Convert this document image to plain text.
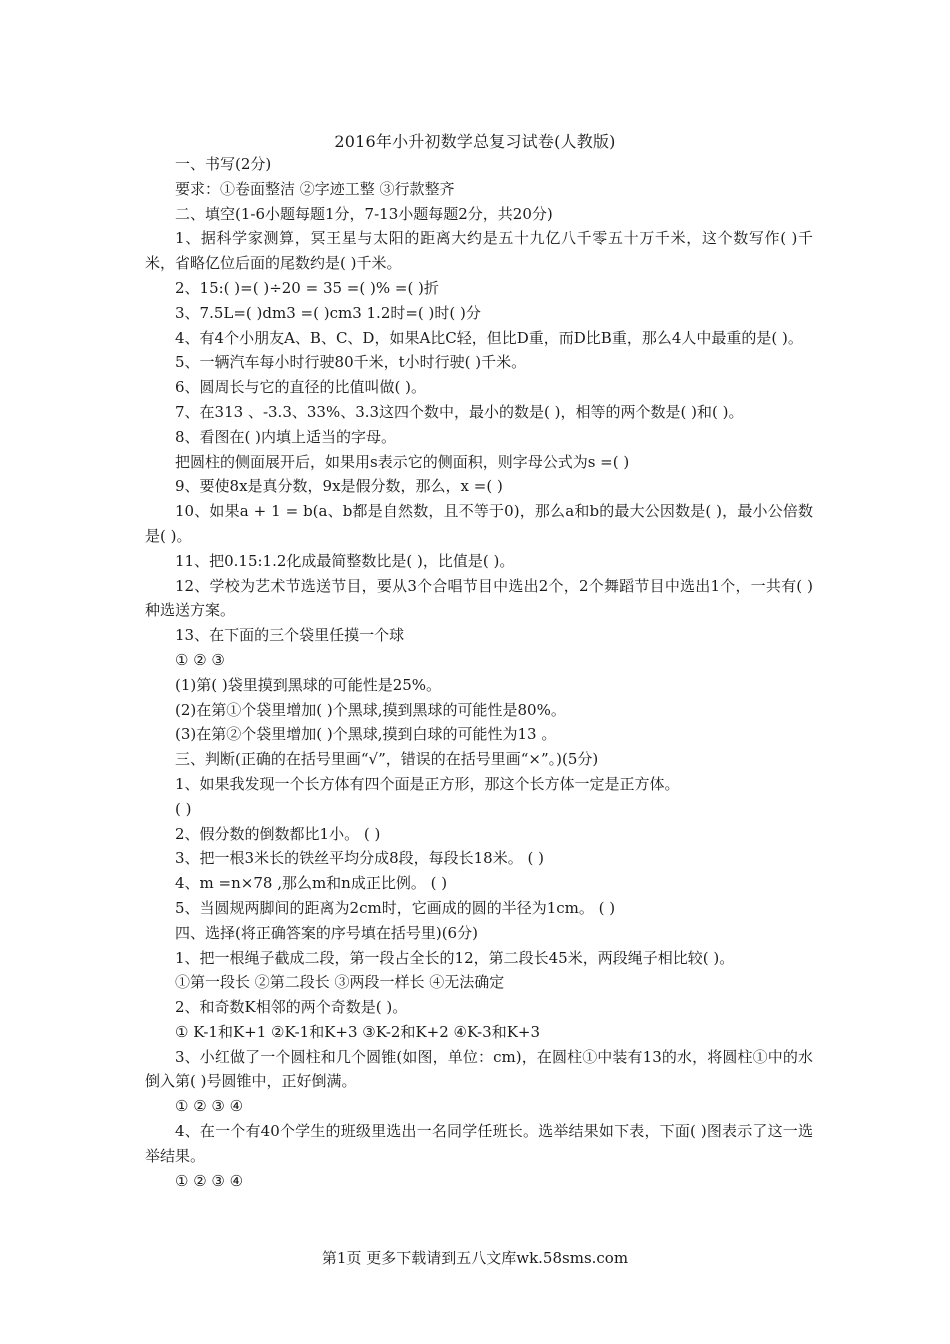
2016年小升初数学总复习试卷(人教版)

一、书写(2分)

要求：①卷面整洁 ②字迹工整 ③行款整齐

二、填空(1-6小题每题1分，7-13小题每题2分，共20分)

1、据科学家测算，冥王星与太阳的距离大约是五十九亿八千零五十万千米，这个数写作( )千米，省略亿位后面的尾数约是( )千米。

2、15:( )=( )÷20 = 35 =( )% =( )折

3、7.5L=( )dm3 =( )cm3 1.2时=( )时( )分

4、有4个小朋友A、B、C、D，如果A比C轻，但比D重，而D比B重，那么4人中最重的是( )。

5、一辆汽车每小时行驶80千米，t小时行驶( )千米。

6、圆周长与它的直径的比值叫做( )。

7、在313 、-3.3、33%、3.3这四个数中，最小的数是( )，相等的两个数是( )和( )。

8、看图在( )内填上适当的字母。

把圆柱的侧面展开后，如果用s表示它的侧面积，则字母公式为s =( )

9、要使8x是真分数，9x是假分数，那么，x =( )

10、如果a + 1 = b(a、b都是自然数，且不等于0)，那么a和b的最大公因数是( )，最小公倍数是( )。

11、把0.15:1.2化成最简整数比是( )，比值是( )。

12、学校为艺术节选送节目，要从3个合唱节目中选出2个，2个舞蹈节目中选出1个，一共有( )种选送方案。

13、在下面的三个袋里任摸一个球

① ② ③

(1)第( )袋里摸到黑球的可能性是25%。

(2)在第①个袋里增加( )个黑球,摸到黑球的可能性是80%。

(3)在第②个袋里增加( )个黑球,摸到白球的可能性为13 。

三、判断(正确的在括号里画“√”，错误的在括号里画“×”。)(5分)

1、如果我发现一个长方体有四个面是正方形，那这个长方体一定是正方体。

( )

2、假分数的倒数都比1小。 ( )

3、把一根3米长的铁丝平均分成8段，每段长18米。 ( )

4、m =n×78 ,那么m和n成正比例。 ( )

5、当圆规两脚间的距离为2cm时，它画成的圆的半径为1cm。 ( )

四、选择(将正确答案的序号填在括号里)(6分)

1、把一根绳子截成二段，第一段占全长的12，第二段长45米，两段绳子相比较( )。

①第一段长 ②第二段长 ③两段一样长 ④无法确定

2、和奇数K相邻的两个奇数是( )。

① K-1和K+1 ②K-1和K+3 ③K-2和K+2 ④K-3和K+3

3、小红做了一个圆柱和几个圆锥(如图，单位：cm)，在圆柱①中装有13的水，将圆柱①中的水倒入第( )号圆锥中，正好倒满。

① ② ③ ④

4、在一个有40个学生的班级里选出一名同学任班长。选举结果如下表，下面( )图表示了这一选举结果。

① ② ③ ④

第1页 更多下载请到五八文库wk.58sms.com
